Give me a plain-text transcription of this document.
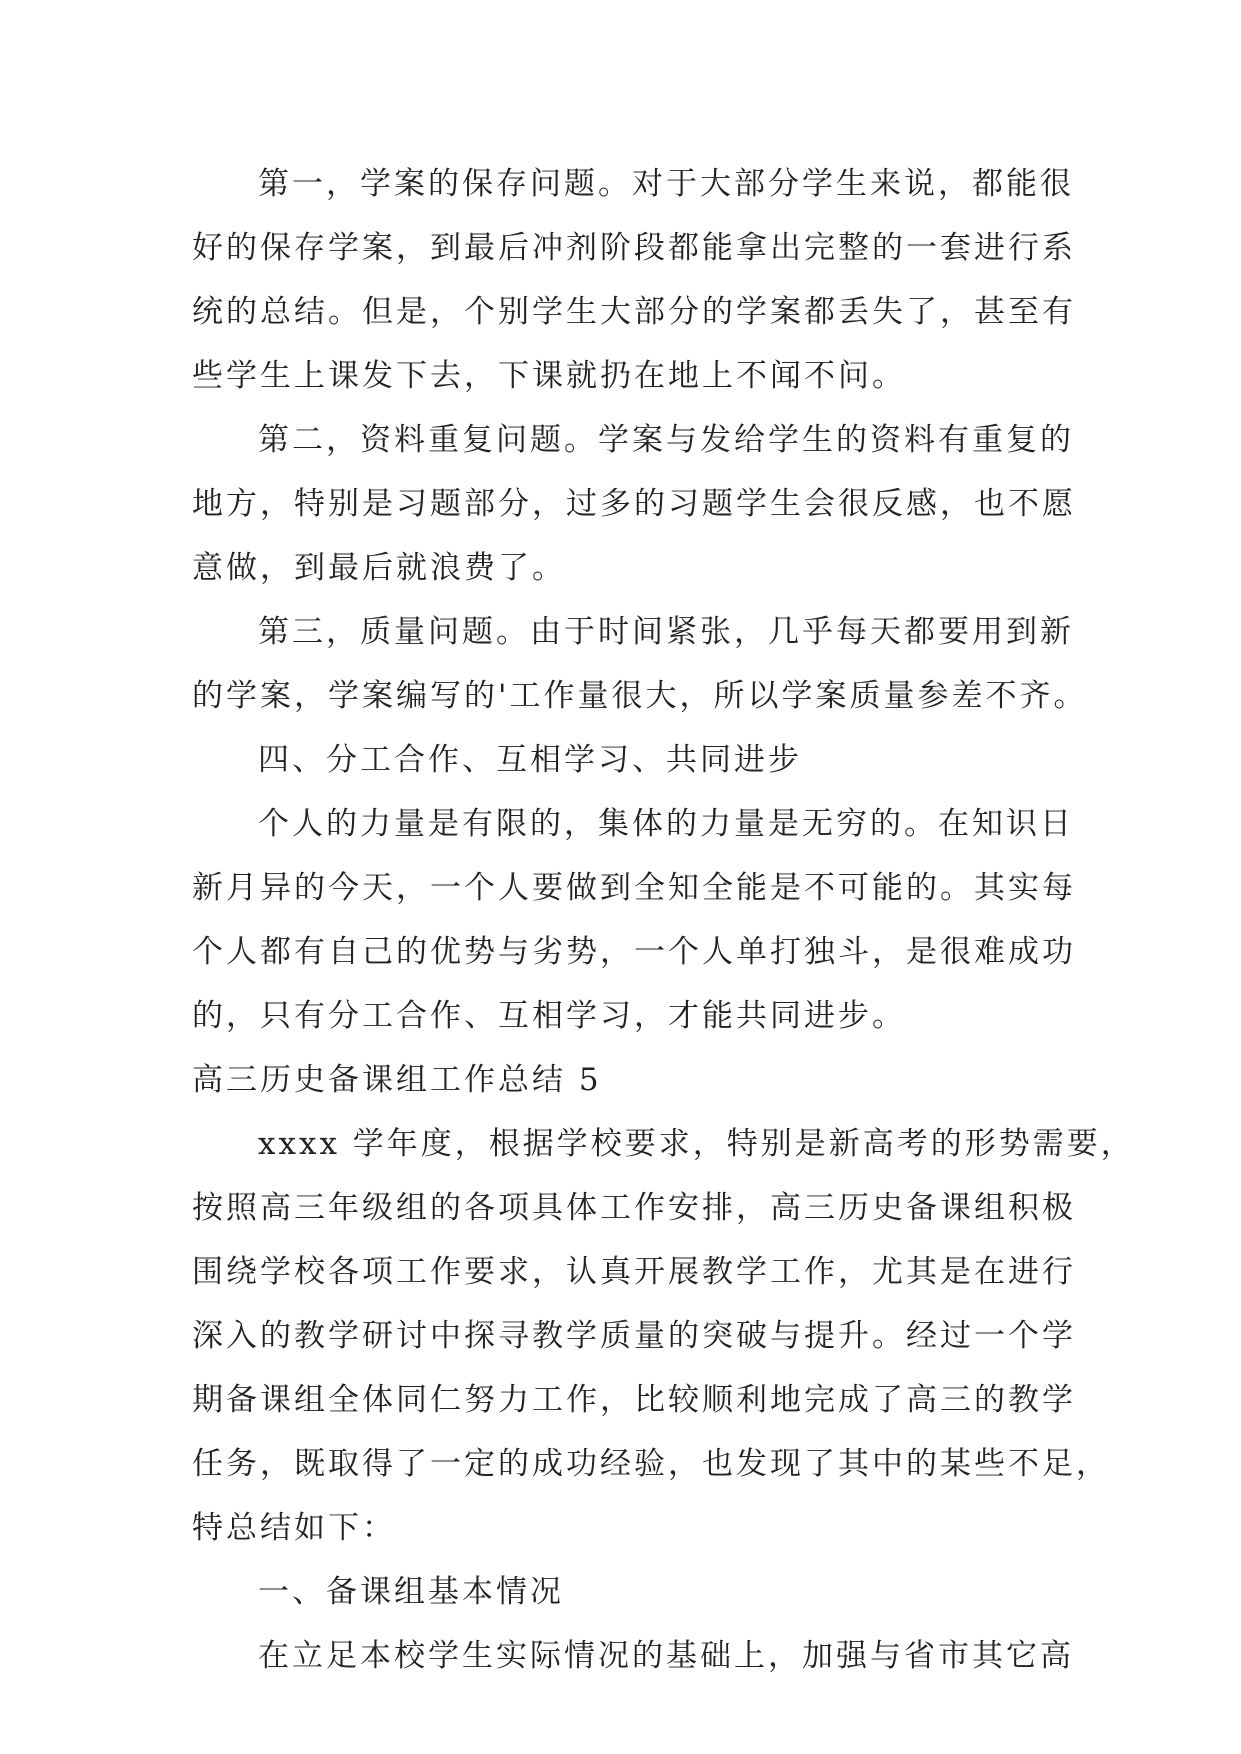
第一，学案的保存问题。对于大部分学生来说，都能很
好的保存学案，到最后冲剂阶段都能拿出完整的一套进行系
统的总结。但是，个别学生大部分的学案都丢失了，甚至有
些学生上课发下去，下课就扔在地上不闻不问。
第二，资料重复问题。学案与发给学生的资料有重复的
地方，特别是习题部分，过多的习题学生会很反感，也不愿
意做，到最后就浪费了。
第三，质量问题。由于时间紧张，几乎每天都要用到新
的学案，学案编写的'工作量很大，所以学案质量参差不齐。
四、分工合作、互相学习、共同进步
个人的力量是有限的，集体的力量是无穷的。在知识日
新月异的今天，一个人要做到全知全能是不可能的。其实每
个人都有自己的优势与劣势，一个人单打独斗，是很难成功
的，只有分工合作、互相学习，才能共同进步。
高三历史备课组工作总结 5
xxxx 学年度，根据学校要求，特别是新高考的形势需要，
按照高三年级组的各项具体工作安排，高三历史备课组积极
围绕学校各项工作要求，认真开展教学工作，尤其是在进行
深入的教学研讨中探寻教学质量的突破与提升。经过一个学
期备课组全体同仁努力工作，比较顺利地完成了高三的教学
任务，既取得了一定的成功经验，也发现了其中的某些不足，
特总结如下：
一、备课组基本情况
在立足本校学生实际情况的基础上，加强与省市其它高
